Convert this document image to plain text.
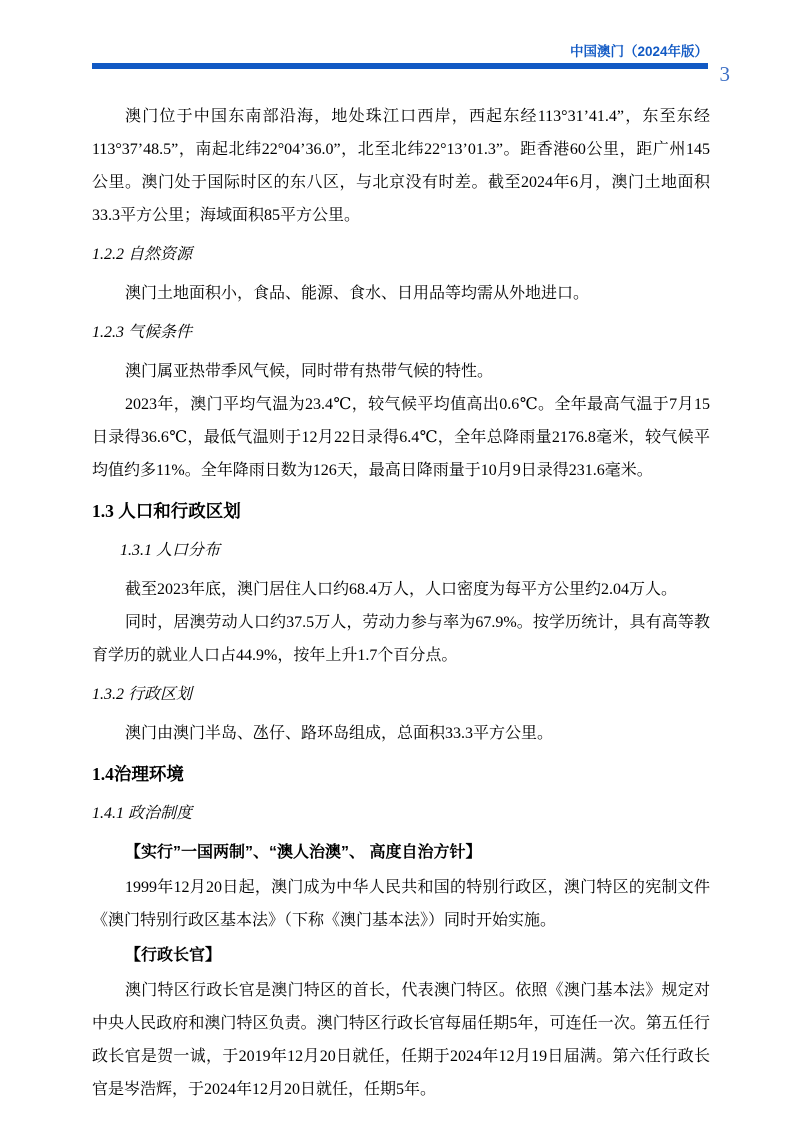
中国澳门（2024年版）
3
澳门位于中国东南部沿海，地处珠江口西岸，西起东经113°31’41.4”，东至东经113°37’48.5”，南起北纬22°04’36.0”，北至北纬22°13’01.3”。距香港60公里，距广州145公里。澳门处于国际时区的东八区，与北京没有时差。截至2024年6月，澳门土地面积33.3平方公里；海域面积85平方公里。
1.2.2 自然资源
澳门土地面积小，食品、能源、食水、日用品等均需从外地进口。
1.2.3 气候条件
澳门属亚热带季风气候，同时带有热带气候的特性。
2023年，澳门平均气温为23.4℃，较气候平均值高出0.6℃。全年最高气温于7月15日录得36.6℃，最低气温则于12月22日录得6.4℃，全年总降雨量2176.8毫米，较气候平均值约多11%。全年降雨日数为126天，最高日降雨量于10月9日录得231.6毫米。
1.3 人口和行政区划
1.3.1 人口分布
截至2023年底，澳门居住人口约68.4万人，人口密度为每平方公里约2.04万人。
同时，居澳劳动人口约37.5万人，劳动力参与率为67.9%。按学历统计，具有高等教育学历的就业人口占44.9%，按年上升1.7个百分点。
1.3.2 行政区划
澳门由澳门半岛、氹仔、路环岛组成，总面积33.3平方公里。
1.4治理环境
1.4.1 政治制度
【实行”一国两制”、“澳人治澳”、 高度自治方针】
1999年12月20日起，澳门成为中华人民共和国的特别行政区，澳门特区的宪制文件《澳门特别行政区基本法》（下称《澳门基本法》）同时开始实施。
【行政长官】
澳门特区行政长官是澳门特区的首长，代表澳门特区。依照《澳门基本法》规定对中央人民政府和澳门特区负责。澳门特区行政长官每届任期5年，可连任一次。第五任行政长官是贺一诚，于2019年12月20日就任，任期于2024年12月19日届满。第六任行政长官是岑浩辉，于2024年12月20日就任，任期5年。
